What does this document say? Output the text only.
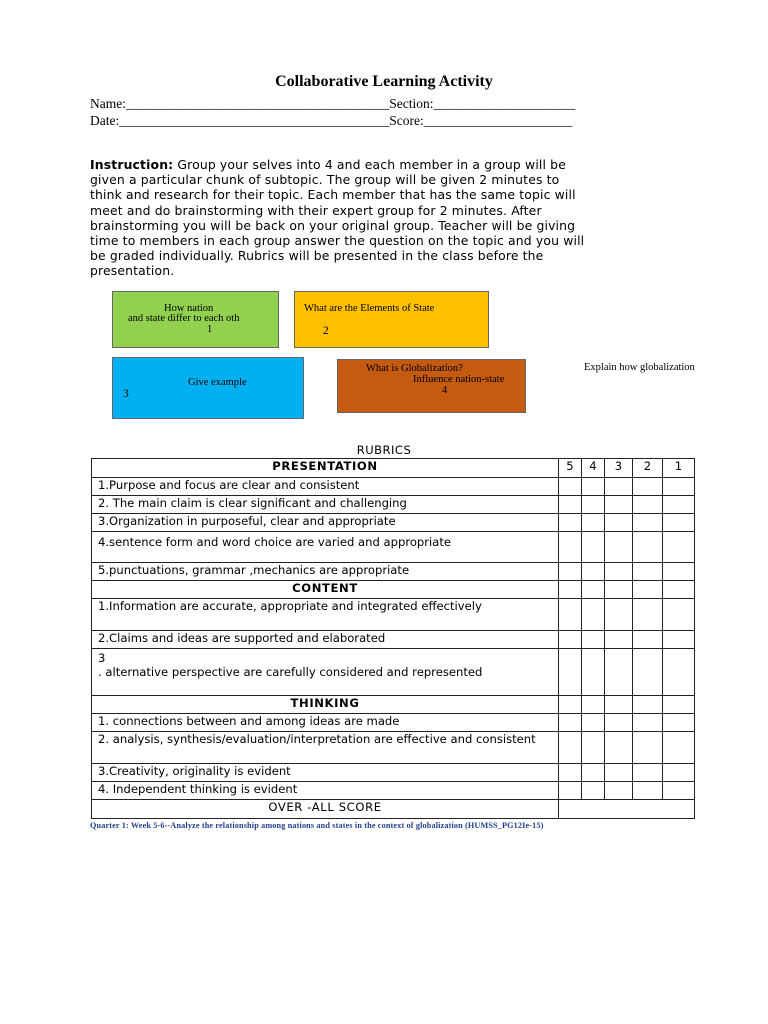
Collaborative Learning Activity
Name:_______________________________________Section:_____________________
Date:________________________________________Score:______________________
Instruction: Group your selves into 4 and each member in a group will be
given a particular chunk of subtopic. The group will be given 2 minutes to
think and research for their topic. Each member that has the same topic will
meet and do brainstorming with their expert group for 2 minutes. After
brainstorming you will be back on your original group. Teacher will be giving
time to members in each group answer the question on the topic and you will
be graded individually. Rubrics will be presented in the class before the
presentation.
How nation
and state differ to each oth
1
What are the Elements of State
2
Give example
3
What is Globalization?
Influence nation-state
4
Explain how globalization
RUBRICS
PRESENTATION	5	4	3	2	1
1.Purpose and focus are clear and consistent					
2. The main claim is clear significant and challenging					
3.Organization in purposeful, clear and appropriate					
4.sentence form and word choice are varied and appropriate					
5.punctuations, grammar ,mechanics are appropriate					
CONTENT					
1.Information are accurate, appropriate and integrated effectively					
2.Claims and ideas are supported and elaborated					
3
. alternative perspective are carefully considered and represented					
THINKING					
1. connections between and among ideas are made					
2. analysis, synthesis/evaluation/interpretation are effective and consistent					
3.Creativity, originality is evident					
4. Independent thinking is evident					
OVER -ALL SCORE					
Quarter 1: Week 5-6--Analyze the relationship among nations and states in the context of globalization (HUMSS_PG12Ie-15)
